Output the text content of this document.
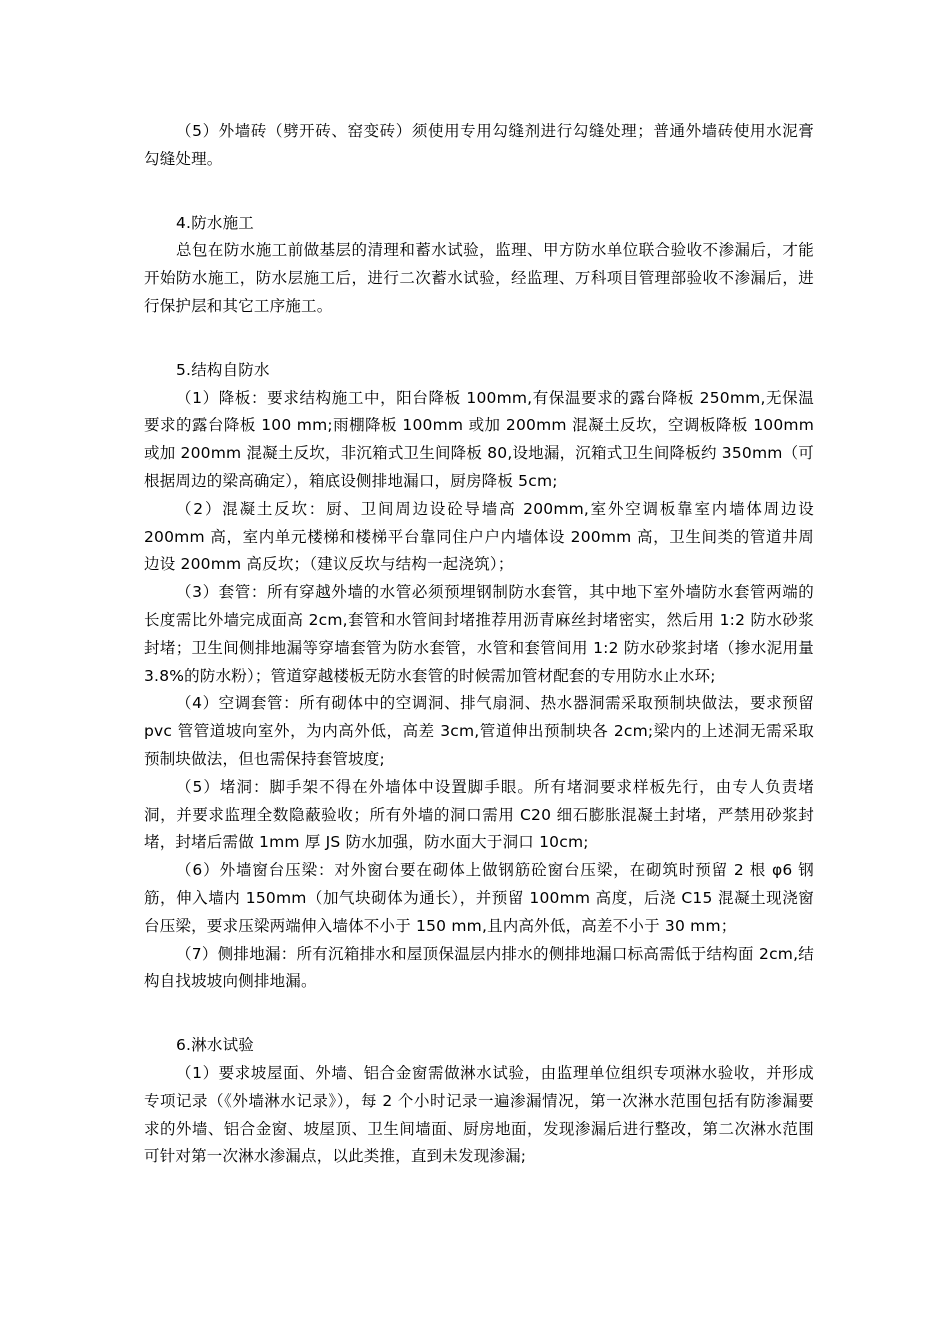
（5）外墙砖（劈开砖、窑变砖）须使用专用勾缝剂进行勾缝处理；普通外墙砖使用水泥膏勾缝处理。

4.防水施工

总包在防水施工前做基层的清理和蓄水试验，监理、甲方防水单位联合验收不渗漏后，才能开始防水施工，防水层施工后，进行二次蓄水试验，经监理、万科项目管理部验收不渗漏后，进行保护层和其它工序施工。

5.结构自防水

（1）降板：要求结构施工中，阳台降板 100mm,有保温要求的露台降板 250mm,无保温要求的露台降板 100 mm;雨棚降板 100mm 或加 200mm 混凝土反坎，空调板降板 100mm 或加 200mm 混凝土反坎，非沉箱式卫生间降板 80,设地漏，沉箱式卫生间降板约 350mm（可根据周边的梁高确定），箱底设侧排地漏口，厨房降板 5cm;

（2）混凝土反坎：厨、卫间周边设砼导墙高 200mm,室外空调板靠室内墙体周边设 200mm 高，室内单元楼梯和楼梯平台靠同住户户内墙体设 200mm 高，卫生间类的管道井周边设 200mm 高反坎；（建议反坎与结构一起浇筑）；

（3）套管：所有穿越外墙的水管必须预埋钢制防水套管，其中地下室外墙防水套管两端的长度需比外墙完成面高 2cm,套管和水管间封堵推荐用沥青麻丝封堵密实，然后用 1:2 防水砂浆封堵；卫生间侧排地漏等穿墙套管为防水套管，水管和套管间用 1:2 防水砂浆封堵（掺水泥用量 3.8%的防水粉）；管道穿越楼板无防水套管的时候需加管材配套的专用防水止水环;

（4）空调套管：所有砌体中的空调洞、排气扇洞、热水器洞需采取预制块做法，要求预留 pvc 管管道坡向室外，为内高外低，高差 3cm,管道伸出预制块各 2cm;梁内的上述洞无需采取预制块做法，但也需保持套管坡度;

（5）堵洞：脚手架不得在外墙体中设置脚手眼。所有堵洞要求样板先行，由专人负责堵洞，并要求监理全数隐蔽验收；所有外墙的洞口需用 C20 细石膨胀混凝土封堵，严禁用砂浆封堵，封堵后需做 1mm 厚 JS 防水加强，防水面大于洞口 10cm;

（6）外墙窗台压梁：对外窗台要在砌体上做钢筋砼窗台压梁，在砌筑时预留 2 根 φ6 钢筋，伸入墙内 150mm（加气块砌体为通长），并预留 100mm 高度，后浇 C15 混凝土现浇窗台压梁，要求压梁两端伸入墙体不小于 150 mm,且内高外低，高差不小于 30 mm；

（7）侧排地漏：所有沉箱排水和屋顶保温层内排水的侧排地漏口标高需低于结构面 2cm,结构自找坡坡向侧排地漏。

6.淋水试验

（1）要求坡屋面、外墙、铝合金窗需做淋水试验，由监理单位组织专项淋水验收，并形成专项记录（《外墙淋水记录》），每 2 个小时记录一遍渗漏情况，第一次淋水范围包括有防渗漏要求的外墙、铝合金窗、坡屋顶、卫生间墙面、厨房地面，发现渗漏后进行整改，第二次淋水范围可针对第一次淋水渗漏点，以此类推，直到未发现渗漏;
